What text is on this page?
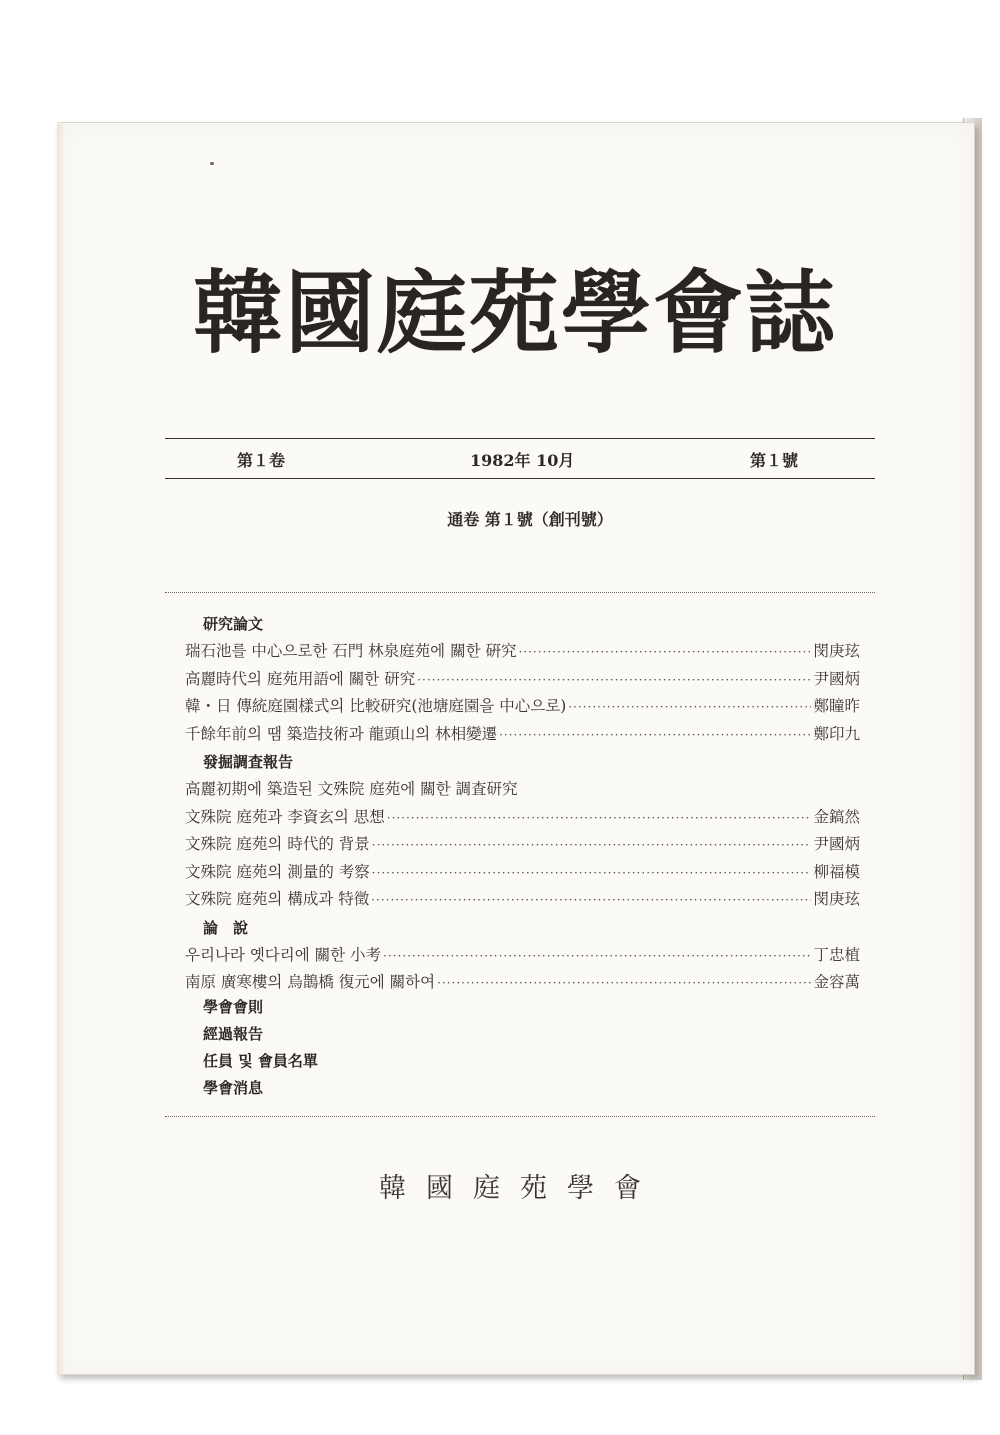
韓國庭苑學會誌
第１卷	1982年 10月	第１號
通卷 第１號（創刊號）
研究論文
瑞石池를 中心으로한 石門 林泉庭苑에 關한 硏究 ·····	閔庚玹
高麗時代의 庭苑用語에 關한 研究 ·····	尹國炳
韓・日 傳統庭園樣式의 比較研究(池塘庭園을 中心으로) ·····	鄭瞳昨
千餘年前의 땜 築造技術과 龍頭山의 林相變遷 ·····	鄭印九
發掘調査報告
高麗初期에 築造된 文殊院 庭苑에 關한 調査研究
文殊院 庭苑과 李資玄의 思想 ·····	金鎬然
文殊院 庭苑의 時代的 背景 ·····	尹國炳
文殊院 庭苑의 測量的 考察 ·····	柳福模
文殊院 庭苑의 構成과 特徵 ·····	閔庚玹
論　說
우리나라 옛다리에 關한 小考 ·····	丁忠植
南原 廣寒樓의 烏鵲橋 復元에 關하여 ·····	金容萬
學會會則
經過報告
任員 및 會員名單
學會消息
韓國庭苑學會
